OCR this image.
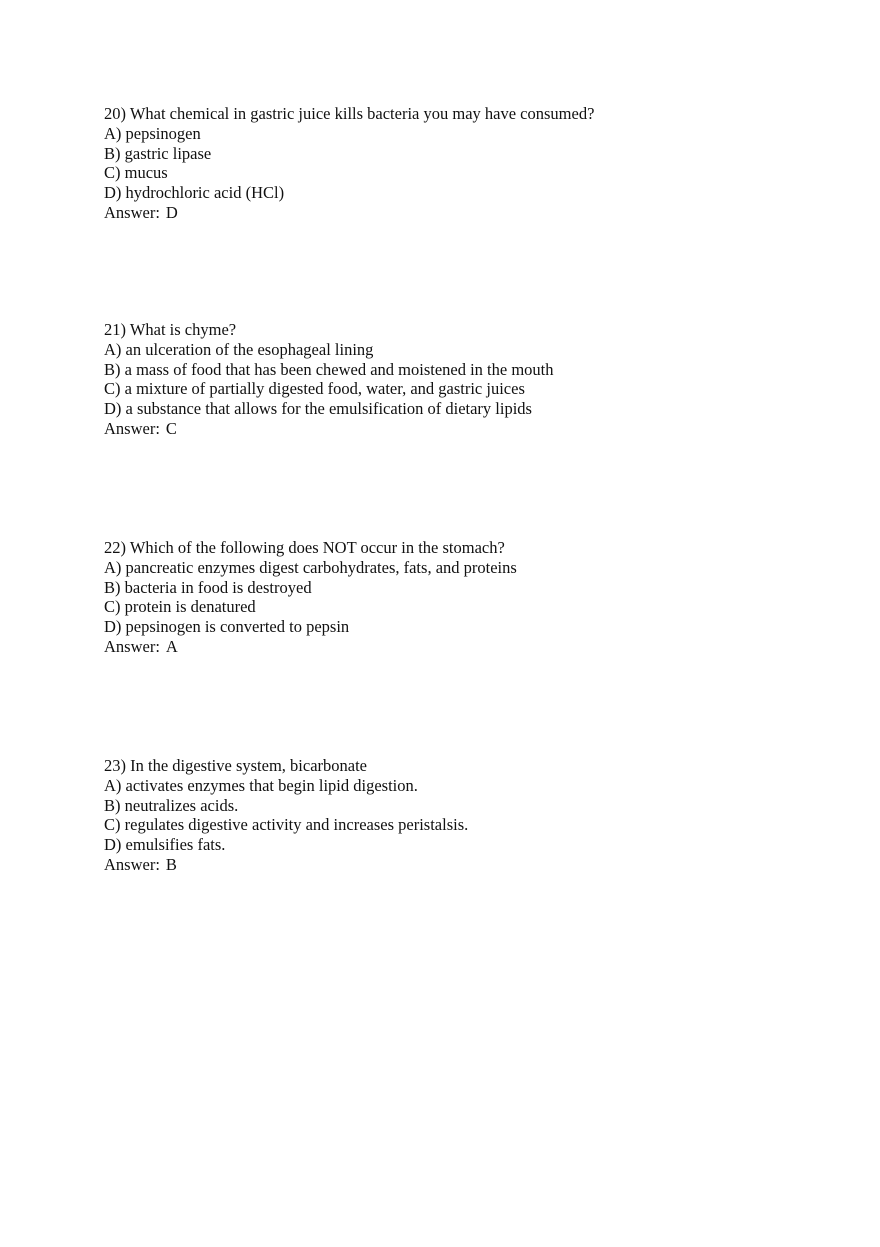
20) What chemical in gastric juice kills bacteria you may have consumed?
A) pepsinogen
B) gastric lipase
C) mucus
D) hydrochloric acid (HCl)
Answer: D
21) What is chyme?
A) an ulceration of the esophageal lining
B) a mass of food that has been chewed and moistened in the mouth
C) a mixture of partially digested food, water, and gastric juices
D) a substance that allows for the emulsification of dietary lipids
Answer: C
22) Which of the following does NOT occur in the stomach?
A) pancreatic enzymes digest carbohydrates, fats, and proteins
B) bacteria in food is destroyed
C) protein is denatured
D) pepsinogen is converted to pepsin
Answer: A
23) In the digestive system, bicarbonate
A) activates enzymes that begin lipid digestion.
B) neutralizes acids.
C) regulates digestive activity and increases peristalsis.
D) emulsifies fats.
Answer: B
